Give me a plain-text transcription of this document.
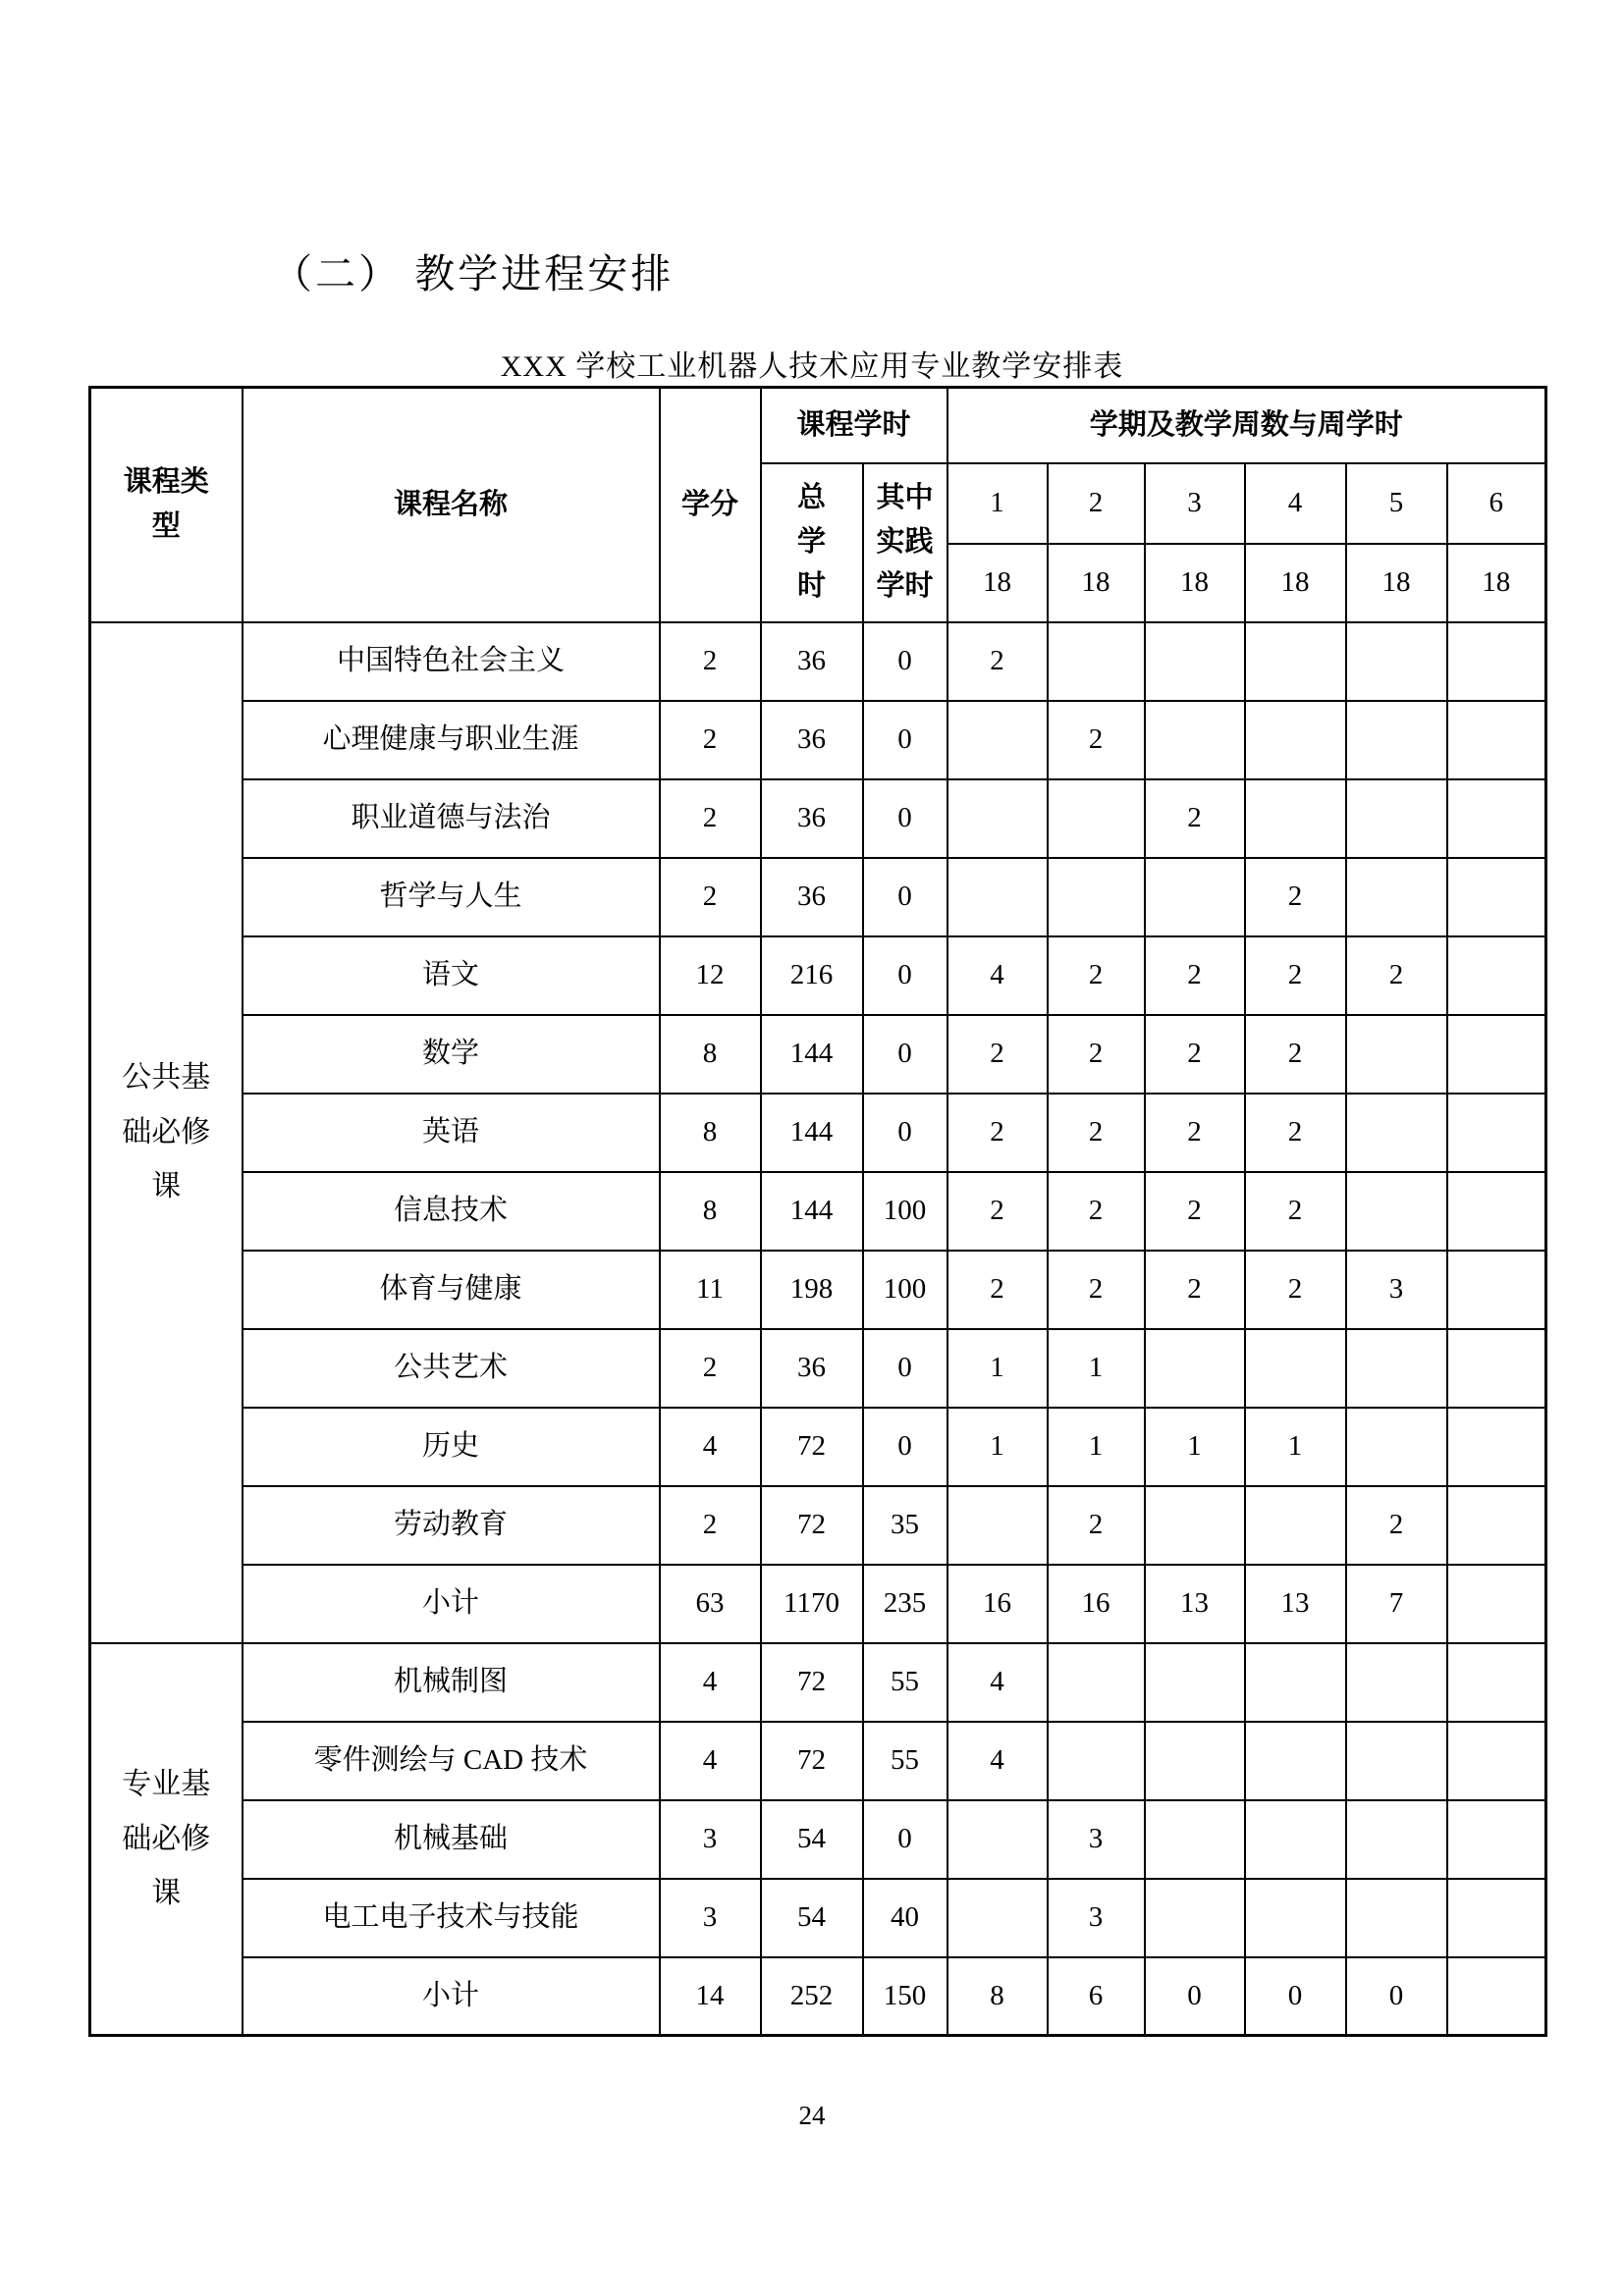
（二） 教学进程安排
XXX 学校工业机器人技术应用专业教学安排表
课程类型	课程名称	学分	课程学时		学期及教学周数与周学时					
			总学时	其中实践学时	1	2	3	4	5	6
					18	18	18	18	18	18
公共基础必修课	中国特色社会主义	2	36	0	2					
	心理健康与职业生涯	2	36	0		2				
	职业道德与法治	2	36	0			2			
	哲学与人生	2	36	0				2		
	语文	12	216	0	4	2	2	2	2	
	数学	8	144	0	2	2	2	2		
	英语	8	144	0	2	2	2	2		
	信息技术	8	144	100	2	2	2	2		
	体育与健康	11	198	100	2	2	2	2	3	
	公共艺术	2	36	0	1	1				
	历史	4	72	0	1	1	1	1		
	劳动教育	2	72	35		2			2	
	小计	63	1170	235	16	16	13	13	7	
专业基础必修课	机械制图	4	72	55	4					
	零件测绘与 CAD 技术	4	72	55	4					
	机械基础	3	54	0		3				
	电工电子技术与技能	3	54	40		3				
	小计	14	252	150	8	6	0	0	0	
24
